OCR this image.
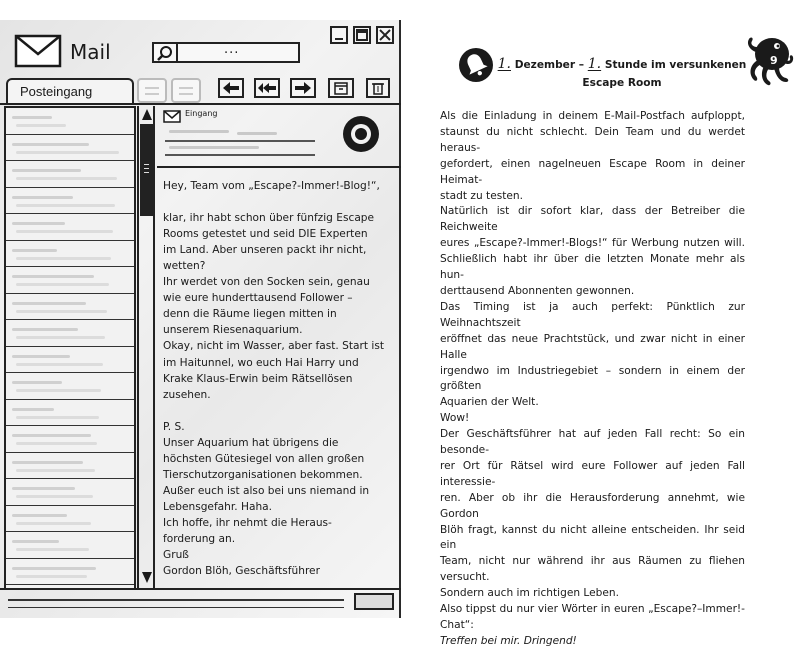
Mail	...
Posteingang
Eingang
Hey, Team vom „Escape?-Immer!-Blog!“,
klar, ihr habt schon über fünfzig Escape
Rooms getestet und seid DIE Experten
im Land. Aber unseren packt ihr nicht,
wetten?
Ihr werdet von den Socken sein, genau
wie eure hunderttausend Follower –
denn die Räume liegen mitten in
unserem Riesenaquarium.
Okay, nicht im Wasser, aber fast. Start ist
im Haitunnel, wo euch Hai Harry und
Krake Klaus-Erwin beim Rätsellösen
zusehen.
P. S.
Unser Aquarium hat übrigens die
höchsten Gütesiegel von allen großen
Tierschutzorganisationen bekommen.
Außer euch ist also bei uns niemand in
Lebensgefahr. Haha.
Ich hoffe, ihr nehmt die Heraus-
forderung an.
Gruß
Gordon Blöh, Geschäftsführer
1. Dezember – 1. Stunde im versunkenen
Escape Room
9
Als die Einladung in deinem E-Mail-Postfach aufploppt,
staunst du nicht schlecht. Dein Team und du werdet heraus-
gefordert, einen nagelneuen Escape Room in deiner Heimat-
stadt zu testen.
Natürlich ist dir sofort klar, dass der Betreiber die Reichweite
eures „Escape?-Immer!-Blogs!“ für Werbung nutzen will.
Schließlich habt ihr über die letzten Monate mehr als hun-
derttausend Abonnenten gewonnen.
Das Timing ist ja auch perfekt: Pünktlich zur Weihnachtszeit
eröffnet das neue Prachtstück, und zwar nicht in einer Halle
irgendwo im Industriegebiet – sondern in einem der größten
Aquarien der Welt.
Wow!
Der Geschäftsführer hat auf jeden Fall recht: So ein besonde-
rer Ort für Rätsel wird eure Follower auf jeden Fall interessie-
ren. Aber ob ihr die Herausforderung annehmt, wie Gordon
Blöh fragt, kannst du nicht alleine entscheiden. Ihr seid ein
Team, nicht nur während ihr aus Räumen zu fliehen versucht.
Sondern auch im richtigen Leben.
Also tippst du nur vier Wörter in euren „Escape?–Immer!-
Chat“:
Treffen bei mir. Dringend!
